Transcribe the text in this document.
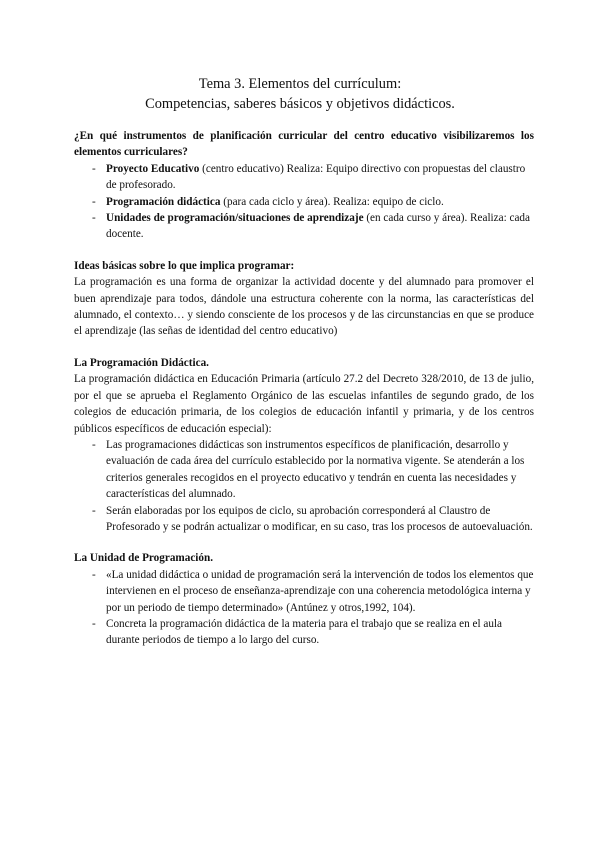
Tema 3. Elementos del currículum:
Competencias, saberes básicos y objetivos didácticos.

¿En qué instrumentos de planificación curricular del centro educativo visibilizaremos los elementos curriculares?

- Proyecto Educativo (centro educativo) Realiza: Equipo directivo con propuestas del claustro de profesorado.
- Programación didáctica (para cada ciclo y área). Realiza: equipo de ciclo.
- Unidades de programación/situaciones de aprendizaje (en cada curso y área). Realiza: cada docente.

Ideas básicas sobre lo que implica programar:

La programación es una forma de organizar la actividad docente y del alumnado para promover el buen aprendizaje para todos, dándole una estructura coherente con la norma, las características del alumnado, el contexto… y siendo consciente de los procesos y de las circunstancias en que se produce el aprendizaje (las señas de identidad del centro educativo)

La Programación Didáctica.

La programación didáctica en Educación Primaria (artículo 27.2 del Decreto 328/2010, de 13 de julio, por el que se aprueba el Reglamento Orgánico de las escuelas infantiles de segundo grado, de los colegios de educación primaria, de los colegios de educación infantil y primaria, y de los centros públicos específicos de educación especial):

- Las programaciones didácticas son instrumentos específicos de planificación, desarrollo y evaluación de cada área del currículo establecido por la normativa vigente. Se atenderán a los criterios generales recogidos en el proyecto educativo y tendrán en cuenta las necesidades y características del alumnado.
- Serán elaboradas por los equipos de ciclo, su aprobación corresponderá al Claustro de Profesorado y se podrán actualizar o modificar, en su caso, tras los procesos de autoevaluación.

La Unidad de Programación.

- «La unidad didáctica o unidad de programación será la intervención de todos los elementos que intervienen en el proceso de enseñanza-aprendizaje con una coherencia metodológica interna y por un periodo de tiempo determinado» (Antúnez y otros,1992, 104).
- Concreta la programación didáctica de la materia para el trabajo que se realiza en el aula durante periodos de tiempo a lo largo del curso.
